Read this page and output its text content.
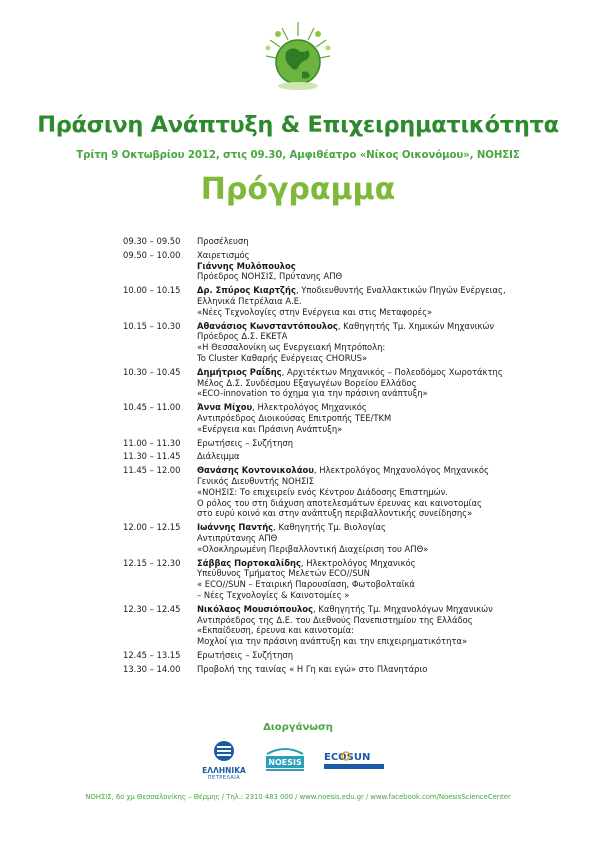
Πράσινη Ανάπτυξη & Επιχειρηματικότητα
Τρίτη 9 Οκτωβρίου 2012, στις 09.30, Αμφιθέατρο «Νίκος Οικονόμου», ΝΟΗΣΙΣ
Πρόγραμμα
09.30 – 09.50	Προσέλευση
09.50 – 10.00	Χαιρετισμός
Γιάννης Μυλόπουλος
Πρόεδρος ΝΟΗΣΙΣ, Πρύτανης ΑΠΘ
10.00 – 10.15	Δρ. Σπύρος Κιαρτζής, Υποδιευθυντής Εναλλακτικών Πηγών Ενέργειας,
Ελληνικά Πετρέλαια Α.Ε.
«Νέες Τεχνολογίες στην Ενέργεια και στις Μεταφορές»
10.15 – 10.30	Αθανάσιος Κωνσταντόπουλος, Καθηγητής Τμ. Χημικών Μηχανικών
Πρόεδρος Δ.Σ. ΕΚΕΤΑ
«Η Θεσσαλονίκη ως Ενεργειακή Μητρόπολη:
To Cluster Καθαρής Ενέργειας CHORUS»
10.30 – 10.45	Δημήτριος Ραΐδης, Αρχιτέκτων Μηχανικός – Πολεοδόμος Χωροτάκτης
Μέλος Δ.Σ. Συνδέσμου Εξαγωγέων Βορείου Ελλάδος
«ECO-innovation το όχημα για την πράσινη ανάπτυξη»
10.45 – 11.00	Άννα Μίχου, Ηλεκτρολόγος Μηχανικός
Αντιπρόεδρος Διοικούσας Επιτροπής ΤΕΕ/ΤΚΜ
«Ενέργεια και Πράσινη Ανάπτυξη»
11.00 – 11.30	Ερωτήσεις – Συζήτηση
11.30 – 11.45	Διάλειμμα
11.45 – 12.00	Θανάσης Κοντονικολάου, Ηλεκτρολόγος Μηχανολόγος Μηχανικός
Γενικός Διευθυντής ΝΟΗΣΙΣ
«ΝΟΗΣΙΣ: Το επιχειρείν ενός Κέντρου Διάδοσης Επιστημών.
Ο ρόλος του στη διάχυση αποτελεσμάτων έρευνας και καινοτομίας
στο ευρύ κοινό και στην ανάπτυξη περιβαλλοντικής συνείδησης»
12.00 – 12.15	Ιωάννης Παντής, Καθηγητής Τμ. Βιολογίας
Αντιπρύτανης ΑΠΘ
«Ολοκληρωμένη Περιβαλλοντική Διαχείριση του ΑΠΘ»
12.15 – 12.30	Σάββας Πορτοκαλίδης, Ηλεκτρολόγος Μηχανικός
Υπεύθυνος Τμήματος Μελετών ECO//SUN
« ECO//SUN – Εταιρική Παρουσίαση, Φωτοβολταϊκά
– Νέες Τεχνολογίες & Καινοτομίες »
12.30 – 12.45	Νικόλαος Μουσιόπουλος, Καθηγητής Τμ. Μηχανολόγων Μηχανικών
Αντιπρόεδρος της Δ.Ε. του Διεθνούς Πανεπιστημίου της Ελλάδος
«Εκπαίδευση, έρευνα και καινοτομία:
Μοχλοί για την πράσινη ανάπτυξη και την επιχειρηματικότητα»
12.45 – 13.15	Ερωτήσεις – Συζήτηση
13.30 – 14.00	Προβολή της ταινίας « Η Γη και εγώ» στο Πλανητάριο
Διοργάνωση
ΕΛΛΗΝΙΚΑ
ΠΕΤΡΕΛΑΙΑ
NOESIS ECOSUN
ΝΟΗΣΙΣ, 6ο χμ Θεσσαλονίκης – Θέρμης / Τηλ.: 2310 483 000 / www.noesis.edu.gr / www.facebook.com/NoesisScienceCenter
